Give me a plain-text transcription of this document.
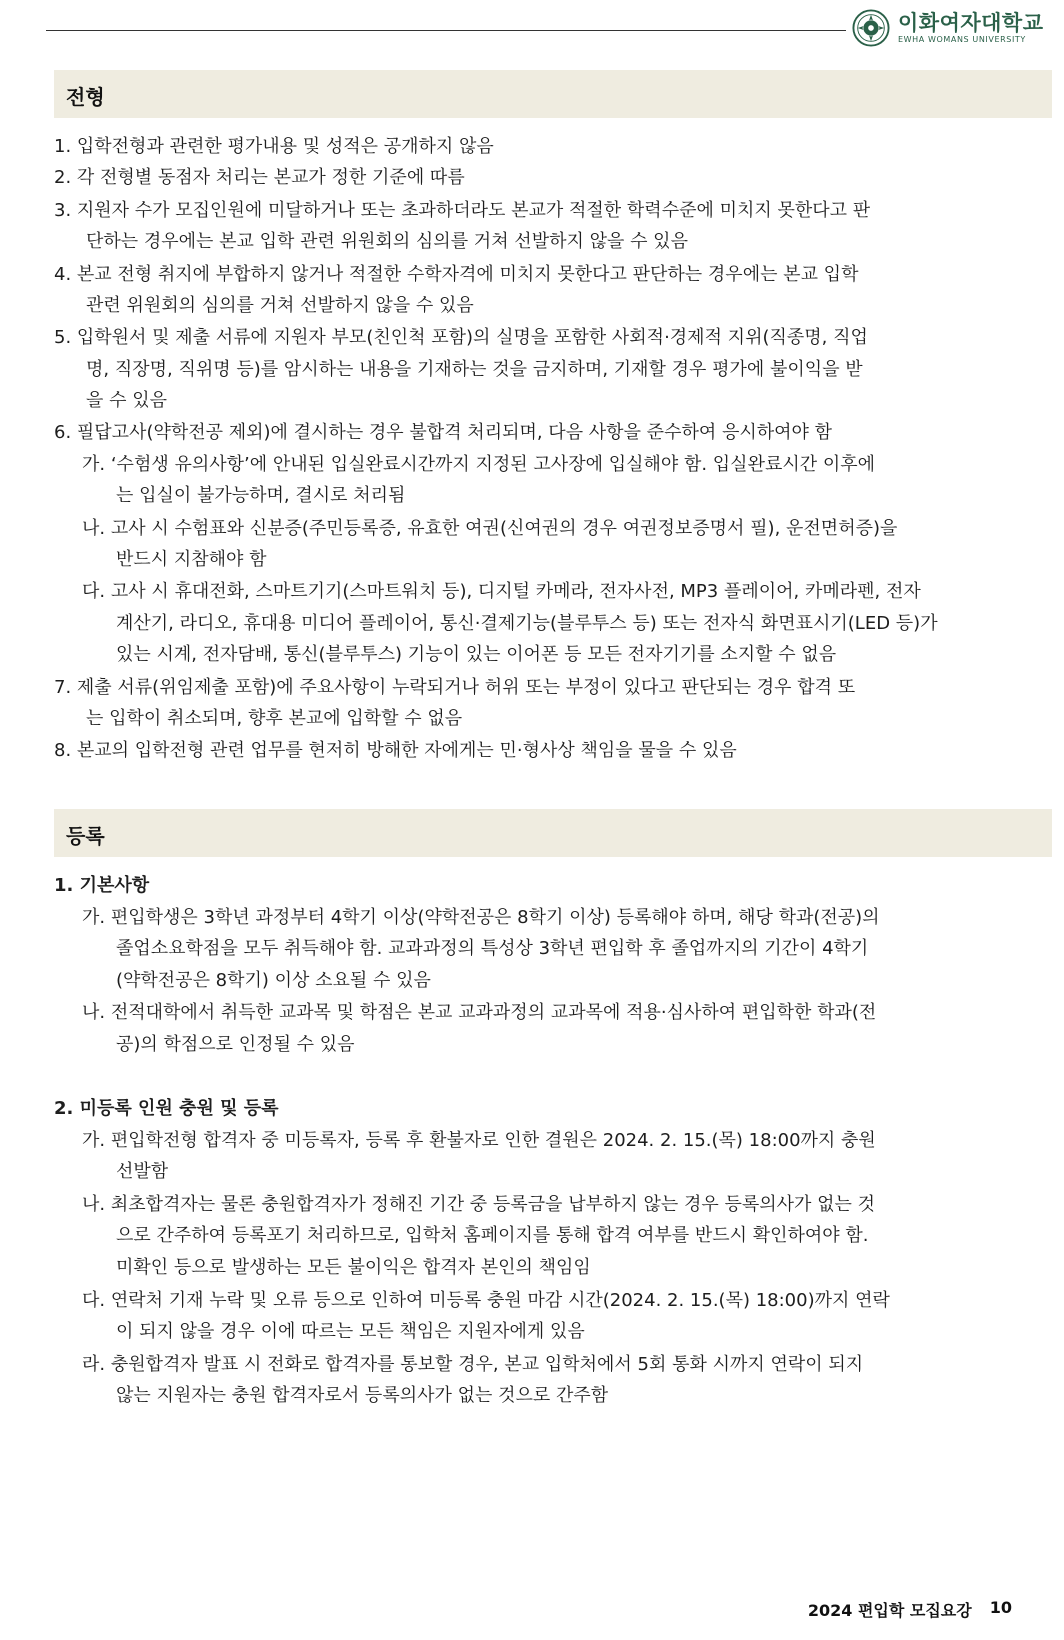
이화여자대학교
EWHA WOMANS UNIVERSITY
전형
1. 입학전형과 관련한 평가내용 및 성적은 공개하지 않음
2. 각 전형별 동점자 처리는 본교가 정한 기준에 따름
3. 지원자 수가 모집인원에 미달하거나 또는 초과하더라도 본교가 적절한 학력수준에 미치지 못한다고 판
단하는 경우에는 본교 입학 관련 위원회의 심의를 거쳐 선발하지 않을 수 있음
4. 본교 전형 취지에 부합하지 않거나 적절한 수학자격에 미치지 못한다고 판단하는 경우에는 본교 입학
관련 위원회의 심의를 거쳐 선발하지 않을 수 있음
5. 입학원서 및 제출 서류에 지원자 부모(친인척 포함)의 실명을 포함한 사회적·경제적 지위(직종명, 직업
명, 직장명, 직위명 등)를 암시하는 내용을 기재하는 것을 금지하며, 기재할 경우 평가에 불이익을 받
을 수 있음
6. 필답고사(약학전공 제외)에 결시하는 경우 불합격 처리되며, 다음 사항을 준수하여 응시하여야 함
가. ‘수험생 유의사항’에 안내된 입실완료시간까지 지정된 고사장에 입실해야 함. 입실완료시간 이후에
는 입실이 불가능하며, 결시로 처리됨
나. 고사 시 수험표와 신분증(주민등록증, 유효한 여권(신여권의 경우 여권정보증명서 필), 운전면허증)을
반드시 지참해야 함
다. 고사 시 휴대전화, 스마트기기(스마트워치 등), 디지털 카메라, 전자사전, MP3 플레이어, 카메라펜, 전자
계산기, 라디오, 휴대용 미디어 플레이어, 통신·결제기능(블루투스 등) 또는 전자식 화면표시기(LED 등)가
있는 시계, 전자담배, 통신(블루투스) 기능이 있는 이어폰 등 모든 전자기기를 소지할 수 없음
7. 제출 서류(위임제출 포함)에 주요사항이 누락되거나 허위 또는 부정이 있다고 판단되는 경우 합격 또
는 입학이 취소되며, 향후 본교에 입학할 수 없음
8. 본교의 입학전형 관련 업무를 현저히 방해한 자에게는 민·형사상 책임을 물을 수 있음
등록
1. 기본사항
가. 편입학생은 3학년 과정부터 4학기 이상(약학전공은 8학기 이상) 등록해야 하며, 해당 학과(전공)의
졸업소요학점을 모두 취득해야 함. 교과과정의 특성상 3학년 편입학 후 졸업까지의 기간이 4학기
(약학전공은 8학기) 이상 소요될 수 있음
나. 전적대학에서 취득한 교과목 및 학점은 본교 교과과정의 교과목에 적용·심사하여 편입학한 학과(전
공)의 학점으로 인정될 수 있음
2. 미등록 인원 충원 및 등록
가. 편입학전형 합격자 중 미등록자, 등록 후 환불자로 인한 결원은 2024. 2. 15.(목) 18:00까지 충원
선발함
나. 최초합격자는 물론 충원합격자가 정해진 기간 중 등록금을 납부하지 않는 경우 등록의사가 없는 것
으로 간주하여 등록포기 처리하므로, 입학처 홈페이지를 통해 합격 여부를 반드시 확인하여야 함.
미확인 등으로 발생하는 모든 불이익은 합격자 본인의 책임임
다. 연락처 기재 누락 및 오류 등으로 인하여 미등록 충원 마감 시간(2024. 2. 15.(목) 18:00)까지 연락
이 되지 않을 경우 이에 따르는 모든 책임은 지원자에게 있음
라. 충원합격자 발표 시 전화로 합격자를 통보할 경우, 본교 입학처에서 5회 통화 시까지 연락이 되지
않는 지원자는 충원 합격자로서 등록의사가 없는 것으로 간주함
2024 편입학 모집요강 10
